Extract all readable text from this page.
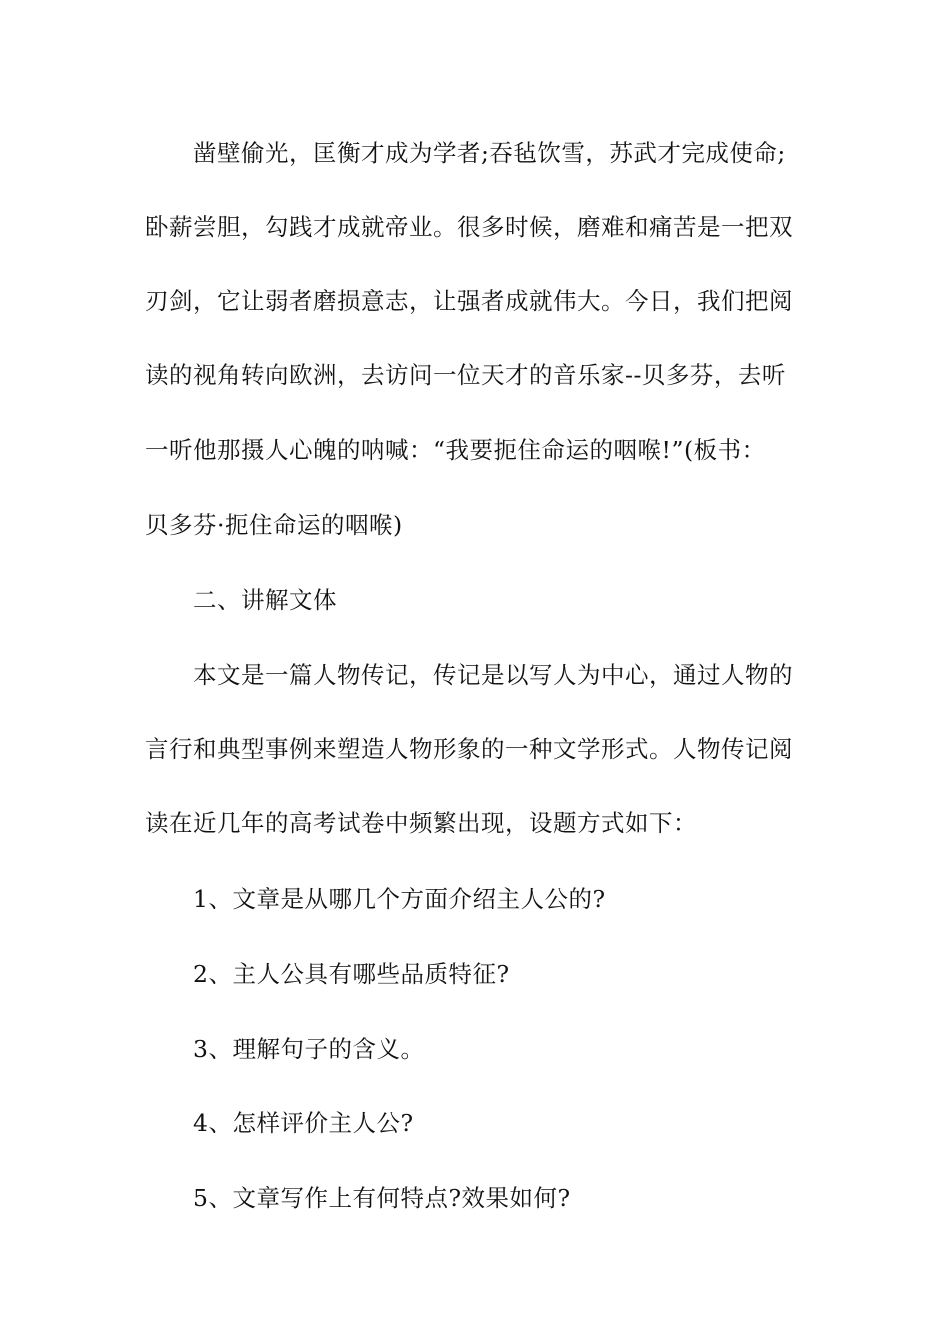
凿壁偷光，匡衡才成为学者;吞毡饮雪，苏武才完成使命;
卧薪尝胆，勾践才成就帝业。很多时候，磨难和痛苦是一把双
刃剑，它让弱者磨损意志，让强者成就伟大。今日，我们把阅
读的视角转向欧洲，去访问一位天才的音乐家--贝多芬，去听
一听他那摄人心魄的呐喊：“我要扼住命运的咽喉!”(板书：
贝多芬·扼住命运的咽喉)
二、讲解文体
本文是一篇人物传记，传记是以写人为中心，通过人物的
言行和典型事例来塑造人物形象的一种文学形式。人物传记阅
读在近几年的高考试卷中频繁出现，设题方式如下：
1、文章是从哪几个方面介绍主人公的?
2、主人公具有哪些品质特征?
3、理解句子的含义。
4、怎样评价主人公?
5、文章写作上有何特点?效果如何?
